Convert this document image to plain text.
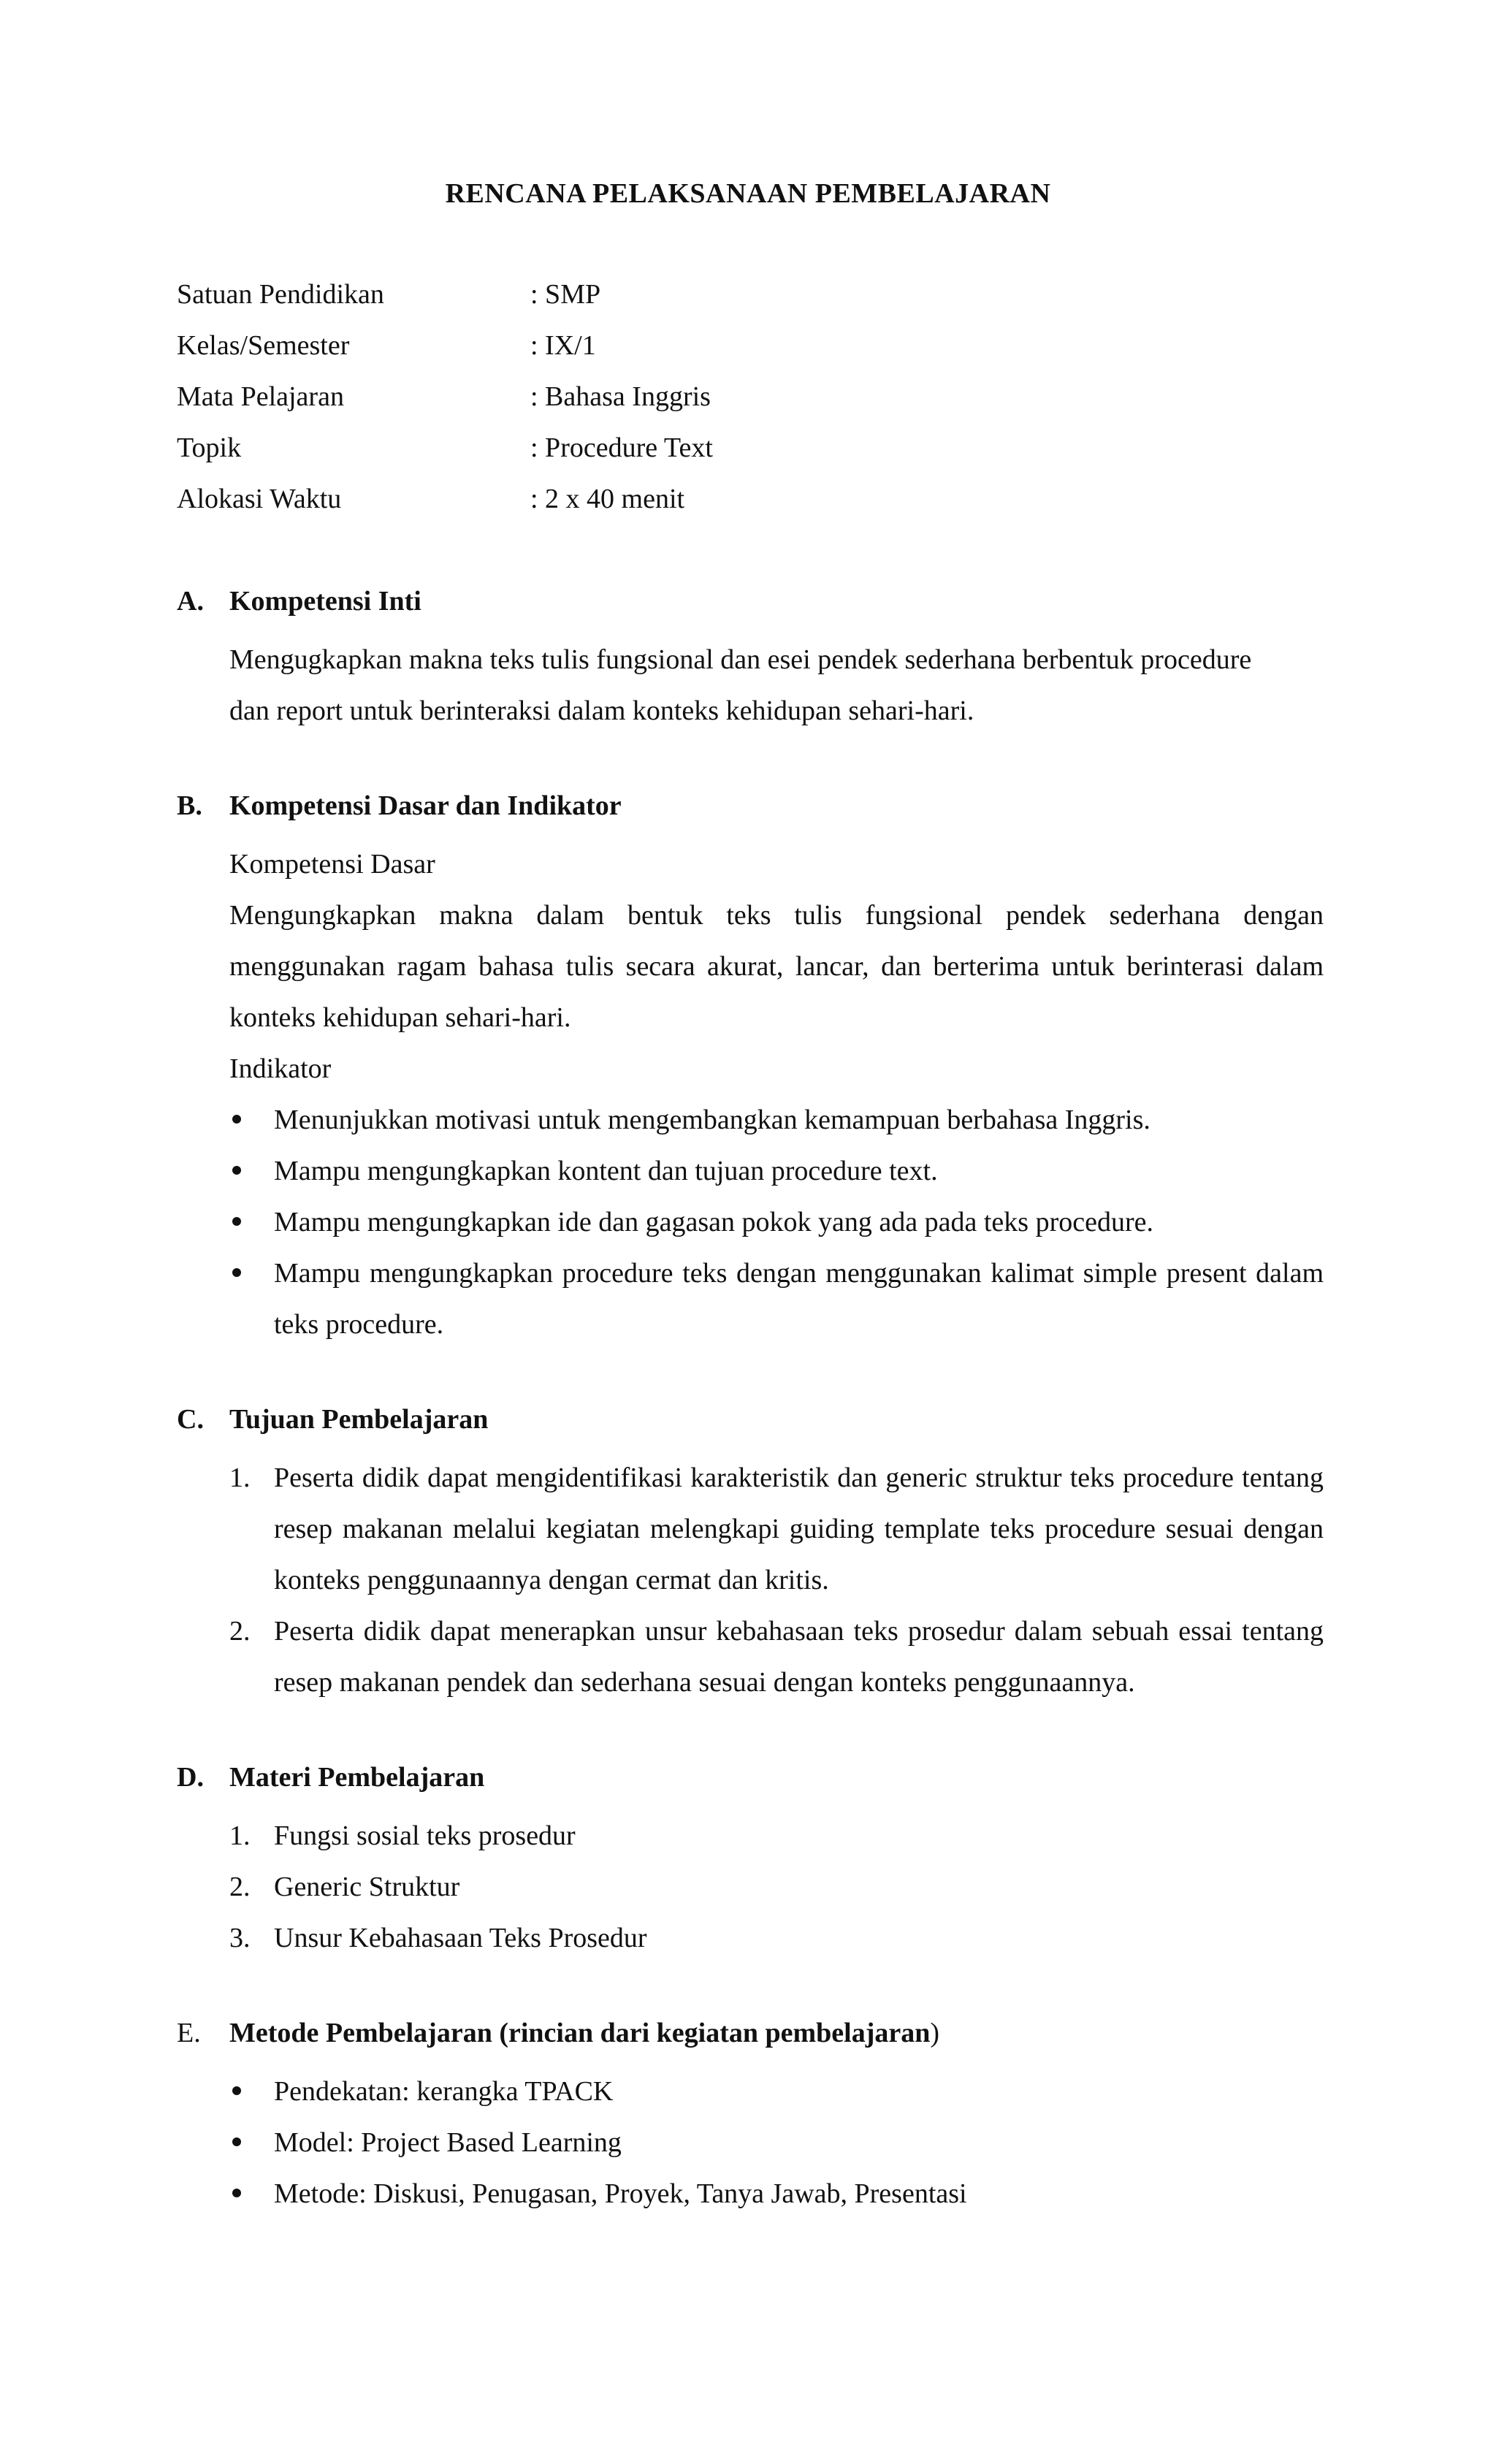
RENCANA PELAKSANAAN PEMBELAJARAN
Satuan Pendidikan	: SMP
Kelas/Semester	: IX/1
Mata Pelajaran	: Bahasa Inggris
Topik	: Procedure Text
Alokasi Waktu	: 2 x 40 menit
A. Kompetensi Inti
Mengugkapkan makna teks tulis fungsional dan esei pendek sederhana berbentuk procedure dan report untuk berinteraksi dalam konteks kehidupan sehari-hari.
B. Kompetensi Dasar dan Indikator
Kompetensi Dasar
Mengungkapkan makna dalam bentuk teks tulis fungsional pendek sederhana dengan menggunakan ragam bahasa tulis secara akurat, lancar, dan berterima untuk berinterasi dalam konteks kehidupan sehari-hari.
Indikator
Menunjukkan motivasi untuk mengembangkan kemampuan berbahasa Inggris.
Mampu mengungkapkan kontent dan tujuan procedure text.
Mampu mengungkapkan ide dan gagasan pokok yang ada pada teks procedure.
Mampu mengungkapkan procedure teks dengan menggunakan kalimat simple present dalam teks procedure.
C. Tujuan Pembelajaran
1. Peserta didik dapat mengidentifikasi karakteristik dan generic struktur teks procedure tentang resep makanan melalui kegiatan melengkapi guiding template teks procedure sesuai dengan konteks penggunaannya dengan cermat dan kritis.
2. Peserta didik dapat menerapkan unsur kebahasaan teks prosedur dalam sebuah essai tentang resep makanan pendek dan sederhana sesuai dengan konteks penggunaannya.
D. Materi Pembelajaran
1. Fungsi sosial teks prosedur
2. Generic Struktur
3. Unsur Kebahasaan Teks Prosedur
E. Metode Pembelajaran (rincian dari kegiatan pembelajaran)
Pendekatan: kerangka TPACK
Model: Project Based Learning
Metode: Diskusi, Penugasan, Proyek, Tanya Jawab, Presentasi
